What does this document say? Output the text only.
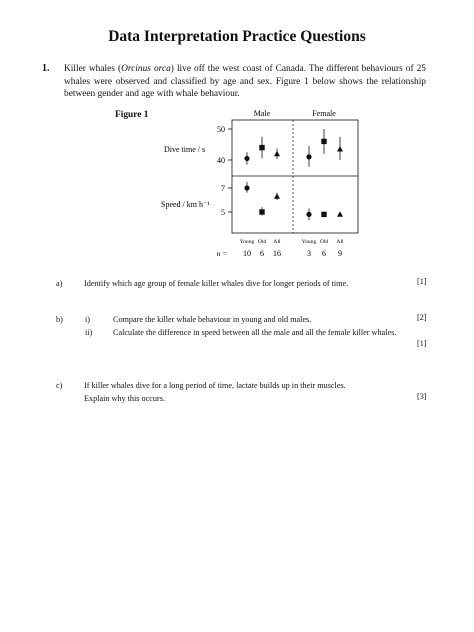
Data Interpretation Practice Questions
1. Killer whales (Orcinus orca) live off the west coast of Canada. The different behaviours of 25 whales were observed and classified by age and sex. Figure 1 below shows the relationship between gender and age with whale behaviour.
Figure 1	Male	Female
Dive time / s
Speed / km h⁻¹
50
40
7
5
Young Old All	Young Old All
n = 10 6 16	3 6 9
a)	Identify which age group of female killer whales dive for longer periods of time.	[1]
b)	i)	Compare the killer whale behaviour in young and old males.	[2]
ii)	Calculate the difference in speed between all the male and all the female killer whales.
[1]
c)	If killer whales dive for a long period of time, lactate builds up in their muscles.
Explain why this occurs.	[3]
